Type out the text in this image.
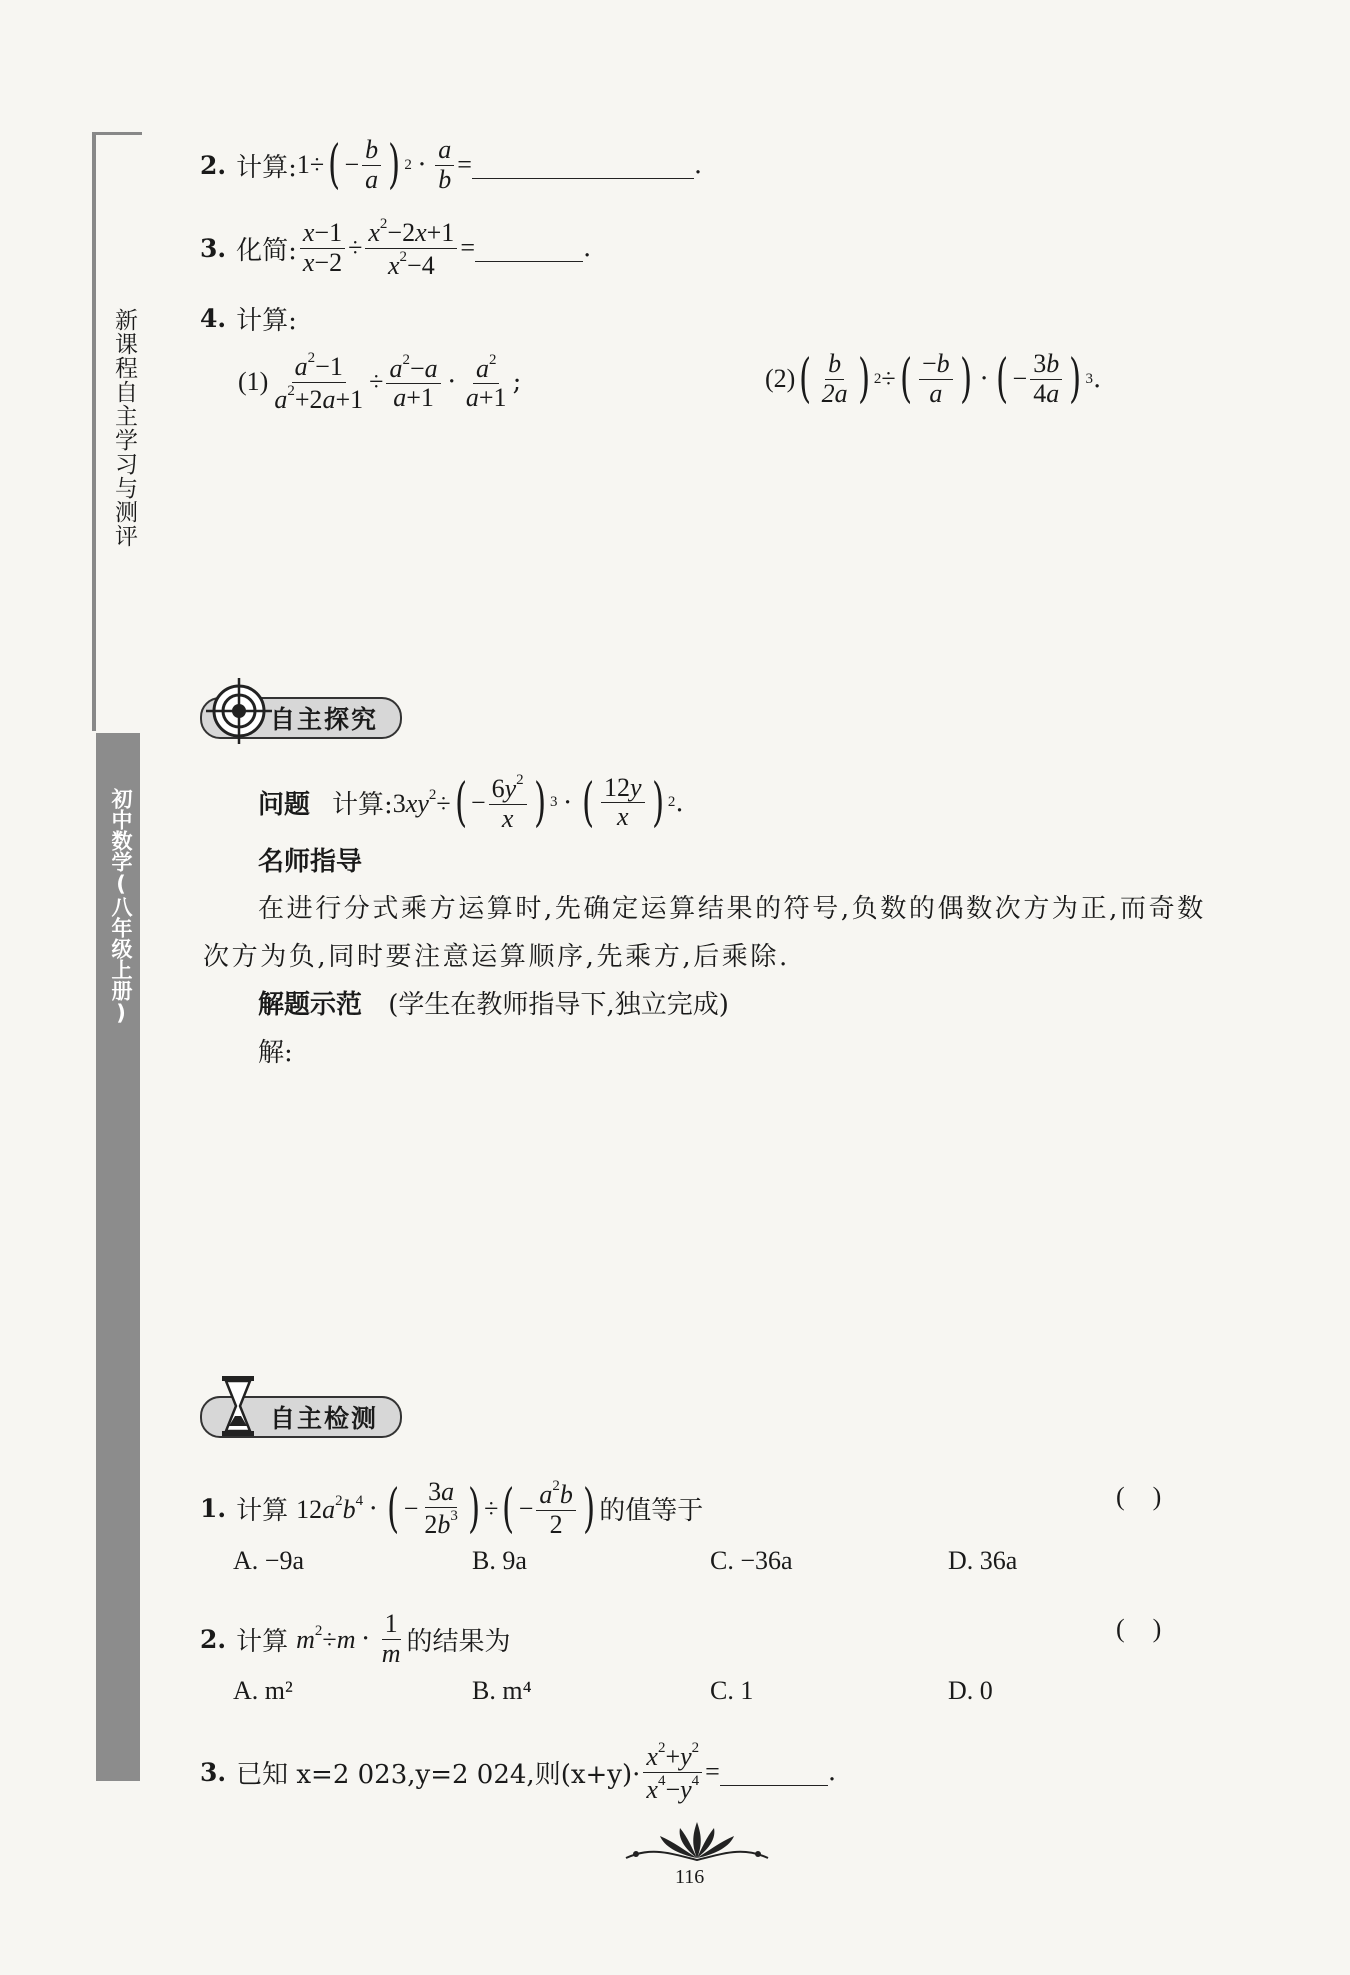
新课程自主学习与测评
初中数学(八年级上册)
2. 计算: 1÷ ( − $\frac{b}{a}$ ) $2 \cdot \frac{a}{b}$ =	.
3. 化简: $\frac{x-1}{x-2} \div \frac{x^2-2x+1}{x^2-4}$ =	.
4. 计算:
$(1) \frac{a^2-1}{a^2+2a+1} \div \frac{a^2-a}{a+1} \cdot \frac{a^2}{a+1}$ ;	(2) ( $\frac{b}{2a}$ ) 2 ÷ ( $\frac{-b}{a}$ ) · ( − $\frac{3b}{4a}$ ) 3 .
自主探究
问题 计算: $3xy^2\div$ ( − $\frac{6y^2}{x}$ ) 3 · ( $\frac{12y}{x}$ ) 2 .
名师指导
在进行分式乘方运算时,先确定运算结果的符号,负数的偶数次方为正,而奇数
次方为负,同时要注意运算顺序,先乘方,后乘除.
解题示范 (学生在教师指导下,独立完成)
解:
自主检测
1. 计算 $12a^2b^4$ · ( − $\frac{3a}{2b^3}$ ) ÷ ( − $\frac{a^2b}{2}$ ) 的值等于	()
A. −9a	B. 9a	C. −36a	D. 36a
2. 计算 $m^2\div m \cdot \frac{1}{m}$ 的结果为	()
A. m²	B. m⁴	C. 1	D. 0
3. 已知 x=2 023,y=2 024,则$(x+y)\cdot \frac{x^2+y^2}{x^4-y^4}$ =	.
116
